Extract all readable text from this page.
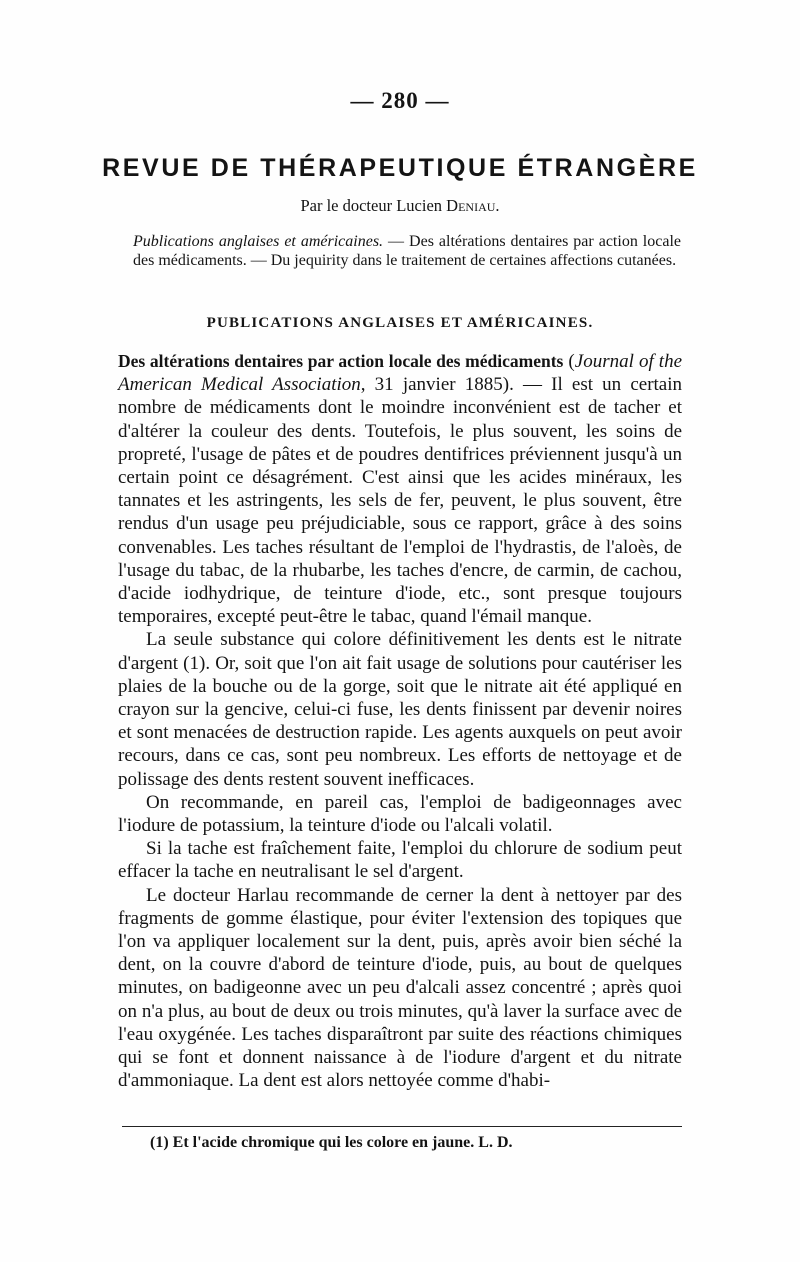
— 280 —
REVUE DE THÉRAPEUTIQUE ÉTRANGÈRE
Par le docteur Lucien Deniau.
Publications anglaises et américaines. — Des altérations dentaires par action locale des médicaments. — Du jequirity dans le traitement de certaines affections cutanées.
PUBLICATIONS ANGLAISES ET AMÉRICAINES.

Des altérations dentaires par action locale des médicaments (Journal of the American Medical Association, 31 janvier 1885). — Il est un certain nombre de médicaments dont le moindre inconvénient est de tacher et d'altérer la couleur des dents. Toutefois, le plus souvent, les soins de propreté, l'usage de pâtes et de poudres dentifrices préviennent jusqu'à un certain point ce désagrément. C'est ainsi que les acides minéraux, les tannates et les astringents, les sels de fer, peuvent, le plus souvent, être rendus d'un usage peu préjudiciable, sous ce rapport, grâce à des soins convenables. Les taches résultant de l'emploi de l'hydrastis, de l'aloès, de l'usage du tabac, de la rhubarbe, les taches d'encre, de carmin, de cachou, d'acide iodhydrique, de teinture d'iode, etc., sont presque toujours temporaires, excepté peut-être le tabac, quand l'émail manque.

La seule substance qui colore définitivement les dents est le nitrate d'argent (1). Or, soit que l'on ait fait usage de solutions pour cautériser les plaies de la bouche ou de la gorge, soit que le nitrate ait été appliqué en crayon sur la gencive, celui-ci fuse, les dents finissent par devenir noires et sont menacées de destruction rapide. Les agents auxquels on peut avoir recours, dans ce cas, sont peu nombreux. Les efforts de nettoyage et de polissage des dents restent souvent inefficaces.

On recommande, en pareil cas, l'emploi de badigeonnages avec l'iodure de potassium, la teinture d'iode ou l'alcali volatil.

Si la tache est fraîchement faite, l'emploi du chlorure de sodium peut effacer la tache en neutralisant le sel d'argent.

Le docteur Harlau recommande de cerner la dent à nettoyer par des fragments de gomme élastique, pour éviter l'extension des topiques que l'on va appliquer localement sur la dent, puis, après avoir bien séché la dent, on la couvre d'abord de teinture d'iode, puis, au bout de quelques minutes, on badigeonne avec un peu d'alcali assez concentré ; après quoi on n'a plus, au bout de deux ou trois minutes, qu'à laver la surface avec de l'eau oxygénée. Les taches disparaîtront par suite des réactions chimiques qui se font et donnent naissance à de l'iodure d'argent et du nitrate d'ammoniaque. La dent est alors nettoyée comme d'habi-

(1) Et l'acide chromique qui les colore en jaune. L. D.
